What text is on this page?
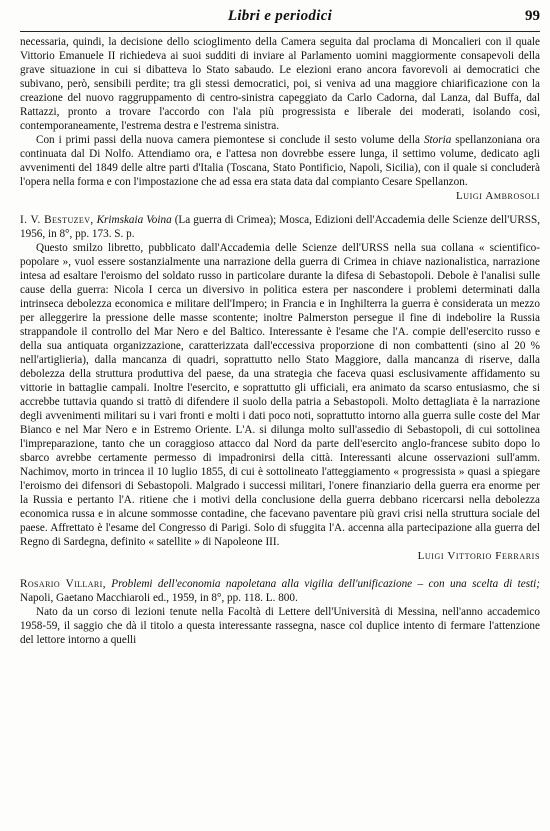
Libri e periodici	99

necessaria, quindi, la decisione dello scioglimento della Camera seguita dal proclama di Moncalieri con il quale Vittorio Emanuele II richiedeva ai suoi sudditi di inviare al Parlamento uomini maggiormente consapevoli della grave situazione in cui si dibatteva lo Stato sabaudo. Le elezioni erano ancora favorevoli ai democratici che subivano, però, sensibili perdite; tra gli stessi democratici, poi, si veniva ad una maggiore chiarificazione con la creazione del nuovo raggruppamento di centro-sinistra capeggiato da Carlo Cadorna, dal Lanza, dal Buffa, dal Rattazzi, pronto a trovare l'accordo con l'ala più progressista e liberale dei moderati, isolando così, contemporaneamente, l'estrema destra e l'estrema sinistra.

Con i primi passi della nuova camera piemontese si conclude il sesto volume della Storia spellanzoniana ora continuata dal Di Nolfo. Attendiamo ora, e l'attesa non dovrebbe essere lunga, il settimo volume, dedicato agli avvenimenti del 1849 delle altre parti d'Italia (Toscana, Stato Pontificio, Napoli, Sicilia), con il quale si concluderà l'opera nella forma e con l'impostazione che ad essa era stata data dal compianto Cesare Spellanzon.

Luigi Ambrosoli

I. V. Bestuzev, Krimskaia Voina (La guerra di Crimea); Mosca, Edizioni dell'Accademia delle Scienze dell'URSS, 1956, in 8°, pp. 173. S. p.

Questo smilzo libretto, pubblicato dall'Accademia delle Scienze dell'URSS nella sua collana « scientifico-popolare », vuol essere sostanzialmente una narrazione della guerra di Crimea in chiave nazionalistica, narrazione intesa ad esaltare l'eroismo del soldato russo in particolare durante la difesa di Sebastopoli. Debole è l'analisi sulle cause della guerra: Nicola I cerca un diversivo in politica estera per nascondere i problemi determinati dalla intrinseca debolezza economica e militare dell'Impero; in Francia e in Inghilterra la guerra è considerata un mezzo per alleggerire la pressione delle masse scontente; inoltre Palmerston persegue il fine di indebolire la Russia strappandole il controllo del Mar Nero e del Baltico. Interessante è l'esame che l'A. compie dell'esercito russo e della sua antiquata organizzazione, caratterizzata dall'eccessiva proporzione di non combattenti (sino al 20 % nell'artiglieria), dalla mancanza di quadri, soprattutto nello Stato Maggiore, dalla mancanza di riserve, dalla debolezza della struttura produttiva del paese, da una strategia che faceva quasi esclusivamente affidamento su vittorie in battaglie campali. Inoltre l'esercito, e soprattutto gli ufficiali, era animato da scarso entusiasmo, che si accrebbe tuttavia quando si trattò di difendere il suolo della patria a Sebastopoli. Molto dettagliata è la narrazione degli avvenimenti militari su i vari fronti e molti i dati poco noti, soprattutto intorno alla guerra sulle coste del Mar Bianco e nel Mar Nero e in Estremo Oriente. L'A. si dilunga molto sull'assedio di Sebastopoli, di cui sottolinea l'impreparazione, tanto che un coraggioso attacco dal Nord da parte dell'esercito anglo-francese subito dopo lo sbarco avrebbe certamente permesso di impadronirsi della città. Interessanti alcune osservazioni sull'amm. Nachimov, morto in trincea il 10 luglio 1855, di cui è sottolineato l'atteggiamento « progressista » quasi a spiegare l'eroismo dei difensori di Sebastopoli. Malgrado i successi militari, l'onere finanziario della guerra era enorme per la Russia e pertanto l'A. ritiene che i motivi della conclusione della guerra debbano ricercarsi nella debolezza economica russa e in alcune sommosse contadine, che facevano paventare più gravi crisi nella struttura sociale del paese. Affrettato è l'esame del Congresso di Parigi. Solo di sfuggita l'A. accenna alla partecipazione alla guerra del Regno di Sardegna, definito « satellite » di Napoleone III.

Luigi Vittorio Ferraris

Rosario Villari, Problemi dell'economia napoletana alla vigilia dell'unificazione – con una scelta di testi; Napoli, Gaetano Macchiaroli ed., 1959, in 8°, pp. 118. L. 800.

Nato da un corso di lezioni tenute nella Facoltà di Lettere dell'Università di Messina, nell'anno accademico 1958-59, il saggio che dà il titolo a questa interessante rassegna, nasce col duplice intento di fermare l'attenzione del lettore intorno a quelli
